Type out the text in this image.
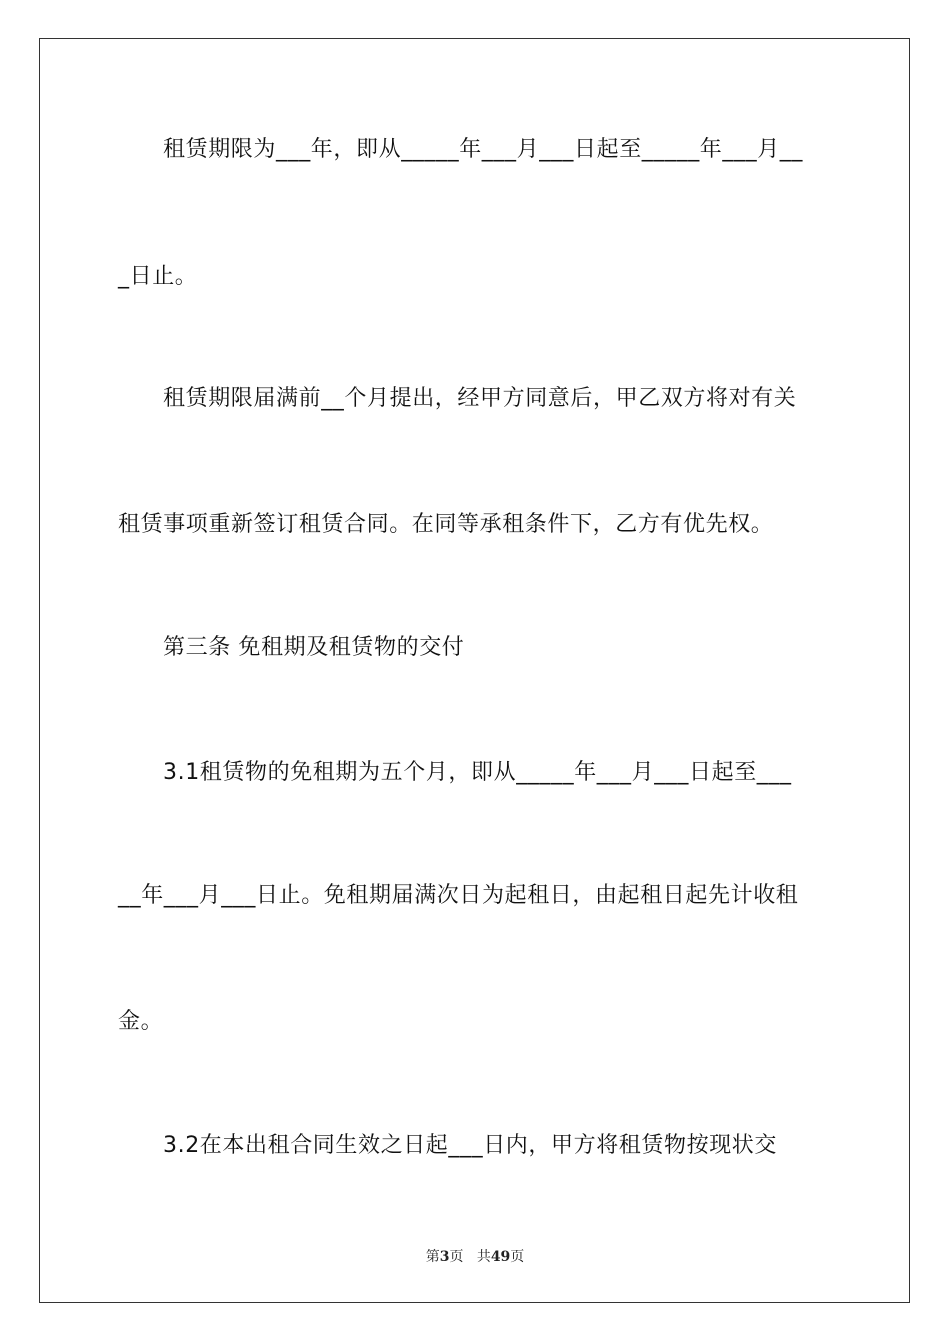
租赁期限为___年，即从_____年___月___日起至_____年___月__
_日止。
租赁期限届满前__个月提出，经甲方同意后，甲乙双方将对有关
租赁事项重新签订租赁合同。在同等承租条件下，乙方有优先权。
第三条 免租期及租赁物的交付
3.1租赁物的免租期为五个月，即从_____年___月___日起至___
__年___月___日止。免租期届满次日为起租日，由起租日起先计收租
金。
3.2在本出租合同生效之日起___日内，甲方将租赁物按现状交
第3页 共49页
